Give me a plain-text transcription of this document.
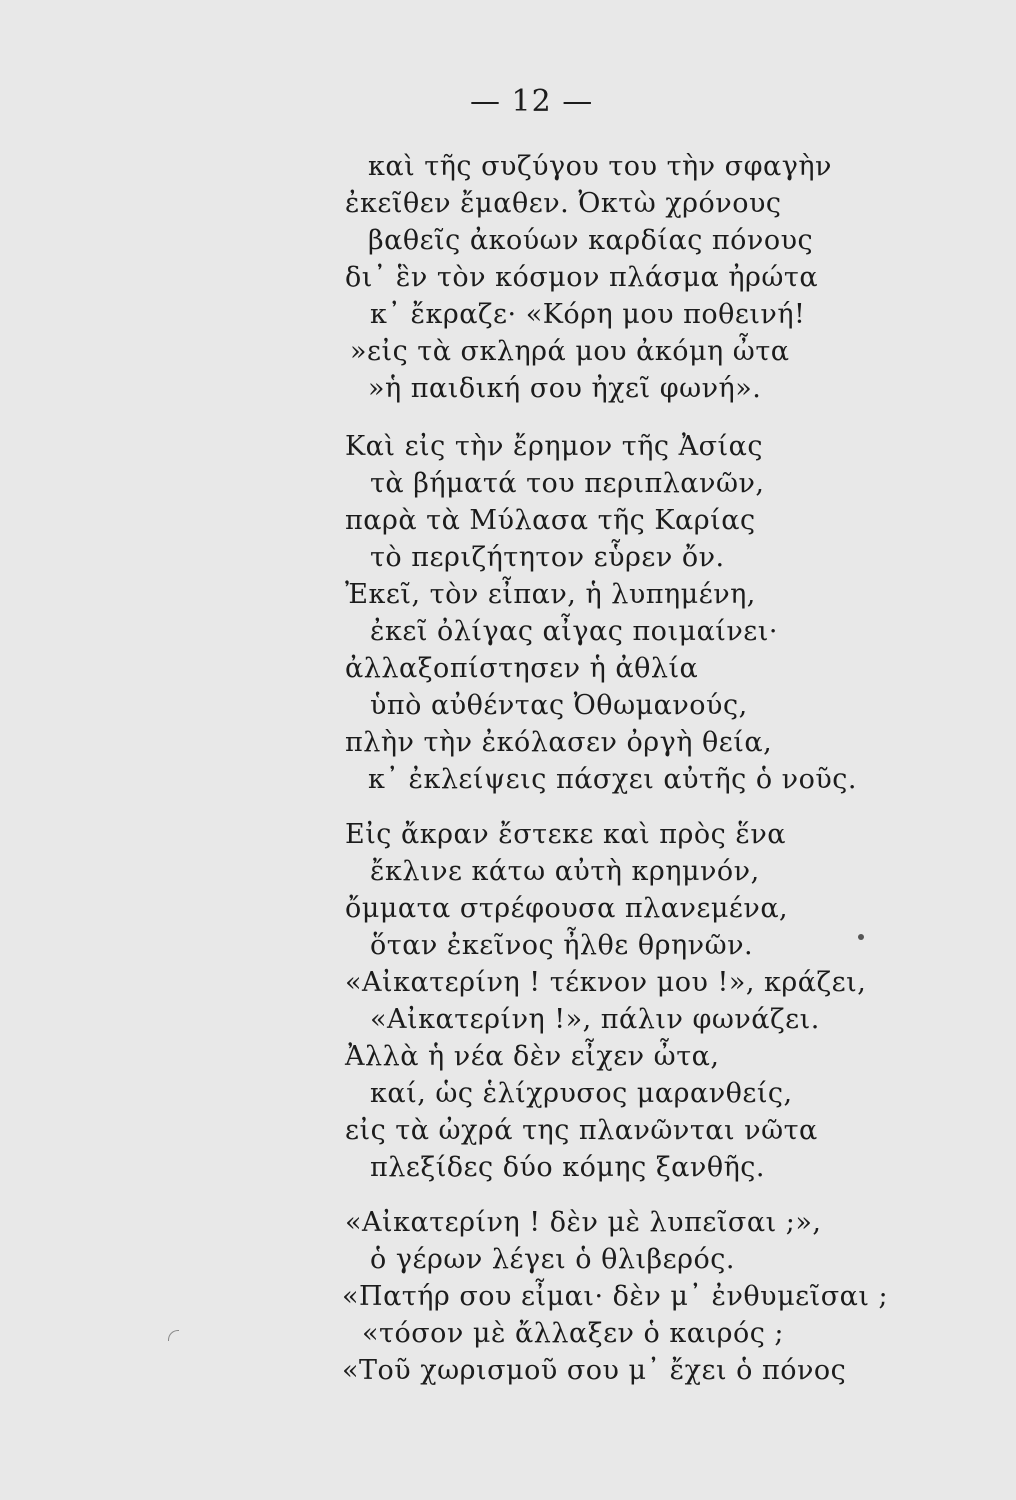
— 12 —
καὶ τῆς συζύγου του τὴν σφαγὴν
ἐκεῖθεν ἔμαθεν. Ὀκτὼ χρόνους
βαθεῖς ἀκούων καρδίας πόνους
δι᾽ ἓν τὸν κόσμον πλάσμα ἠρώτα
κ᾽ ἔκραζε· «Κόρη μου ποθεινή!
»εἰς τὰ σκληρά μου ἀκόμη ὦτα
»ἡ παιδική σου ἠχεῖ φωνή».
Καὶ εἰς τὴν ἔρημον τῆς Ἀσίας
τὰ βήματά του περιπλανῶν,
παρὰ τὰ Μύλασα τῆς Καρίας
τὸ περιζήτητον εὗρεν ὄν.
Ἐκεῖ, τὸν εἶπαν, ἡ λυπημένη,
ἐκεῖ ὀλίγας αἶγας ποιμαίνει·
ἀλλαξοπίστησεν ἡ ἀθλία
ὑπὸ αὐθέντας Ὀθωμανούς,
πλὴν τὴν ἐκόλασεν ὀργὴ θεία,
κ᾽ ἐκλείψεις πάσχει αὐτῆς ὁ νοῦς.
Εἰς ἄκραν ἔστεκε καὶ πρὸς ἕνα
ἔκλινε κάτω αὐτὴ κρημνόν,
ὄμματα στρέφουσα πλανεμένα,
ὅταν ἐκεῖνος ἦλθε θρηνῶν.
«Αἰκατερίνη ! τέκνον μου !», κράζει,
«Αἰκατερίνη !», πάλιν φωνάζει.
Ἀλλὰ ἡ νέα δὲν εἶχεν ὦτα,
καί, ὡς ἑλίχρυσος μαρανθείς,
εἰς τὰ ὠχρά της πλανῶνται νῶτα
πλεξίδες δύο κόμης ξανθῆς.
«Αἰκατερίνη ! δὲν μὲ λυπεῖσαι ;»,
ὁ γέρων λέγει ὁ θλιβερός.
«Πατήρ σου εἶμαι· δὲν μ᾽ ἐνθυμεῖσαι ;
«τόσον μὲ ἄλλαξεν ὁ καιρός ;
«Τοῦ χωρισμοῦ σου μ᾽ ἔχει ὁ πόνος
